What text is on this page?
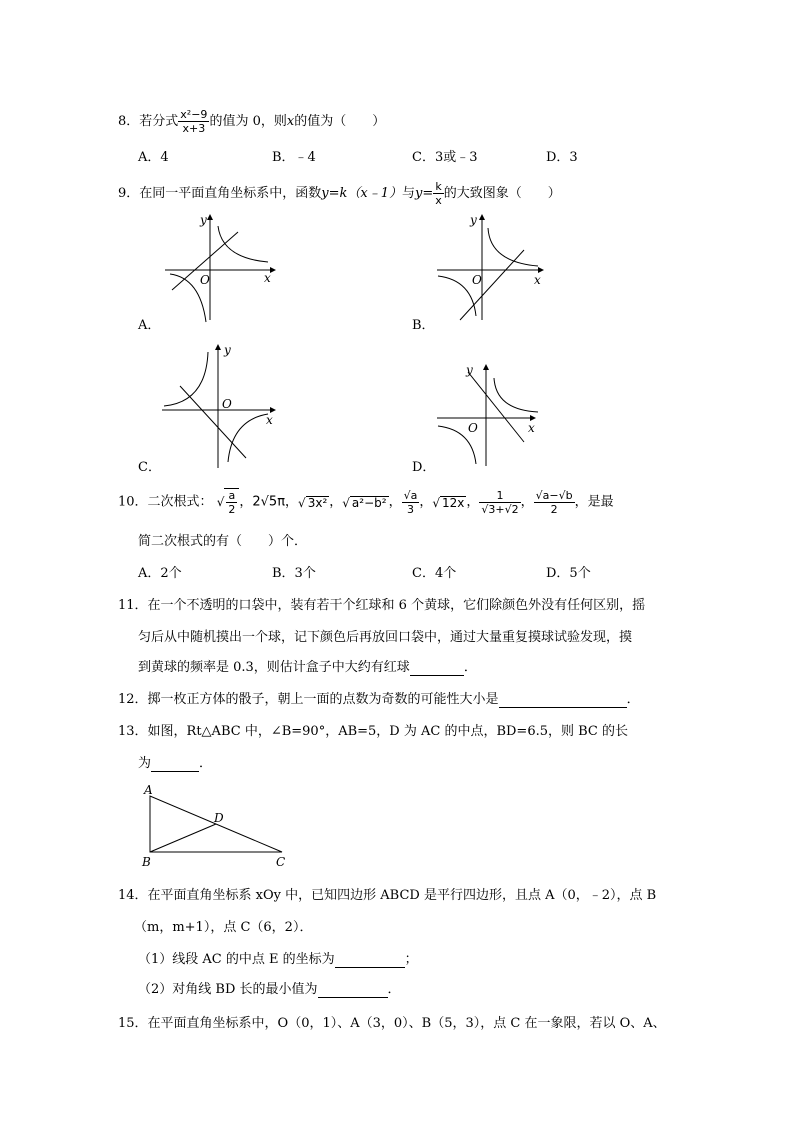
8．若分式 $\frac{\text{x²−9}}{x+3}$ 的值为 0，则x的值为（　　）
A．4	B．﹣4	C．3或﹣3	D．3
9．在同一平面直角坐标系中，函数y=k（x﹣1）与$y= \frac{k}{x}$ 的大致图象（　　）
y
x
O
A．
y
x
O
B．
y
x
O
C．
y
x
O
D．
10．二次根式： √ $\frac{a}{2}$ ，2√5π，√ 3x² ，√ a²−b² ， $\frac{√a}{3}$ ，√ 12x ， $\frac{1}{√3+√2}$ ， $\frac{√a-√b}{2}$ ，是最
简二次根式的有（　　）个．
A．2个	B．3个	C．4个	D．5个
11．在一个不透明的口袋中，装有若干个红球和 6 个黄球，它们除颜色外没有任何区别，摇
匀后从中随机摸出一个球，记下颜色后再放回口袋中，通过大量重复摸球试验发现，摸
到黄球的频率是 0.3，则估计盒子中大约有红球	．
12．掷一枚正方体的骰子，朝上一面的点数为奇数的可能性大小是	．
13．如图，Rt△ABC 中，∠B=90°，AB=5，D 为 AC 的中点，BD=6.5，则 BC 的长
为	．
A
D
B	C
14．在平面直角坐标系 xOy 中，已知四边形 ABCD 是平行四边形，且点 A（0，﹣2），点 B
（m，m+1），点 C（6，2）．
（1）线段 AC 的中点 E 的坐标为	；
（2）对角线 BD 长的最小值为	．
15．在平面直角坐标系中，O（0，1）、A（3，0）、B（5，3），点 C 在一象限，若以 O、A、
